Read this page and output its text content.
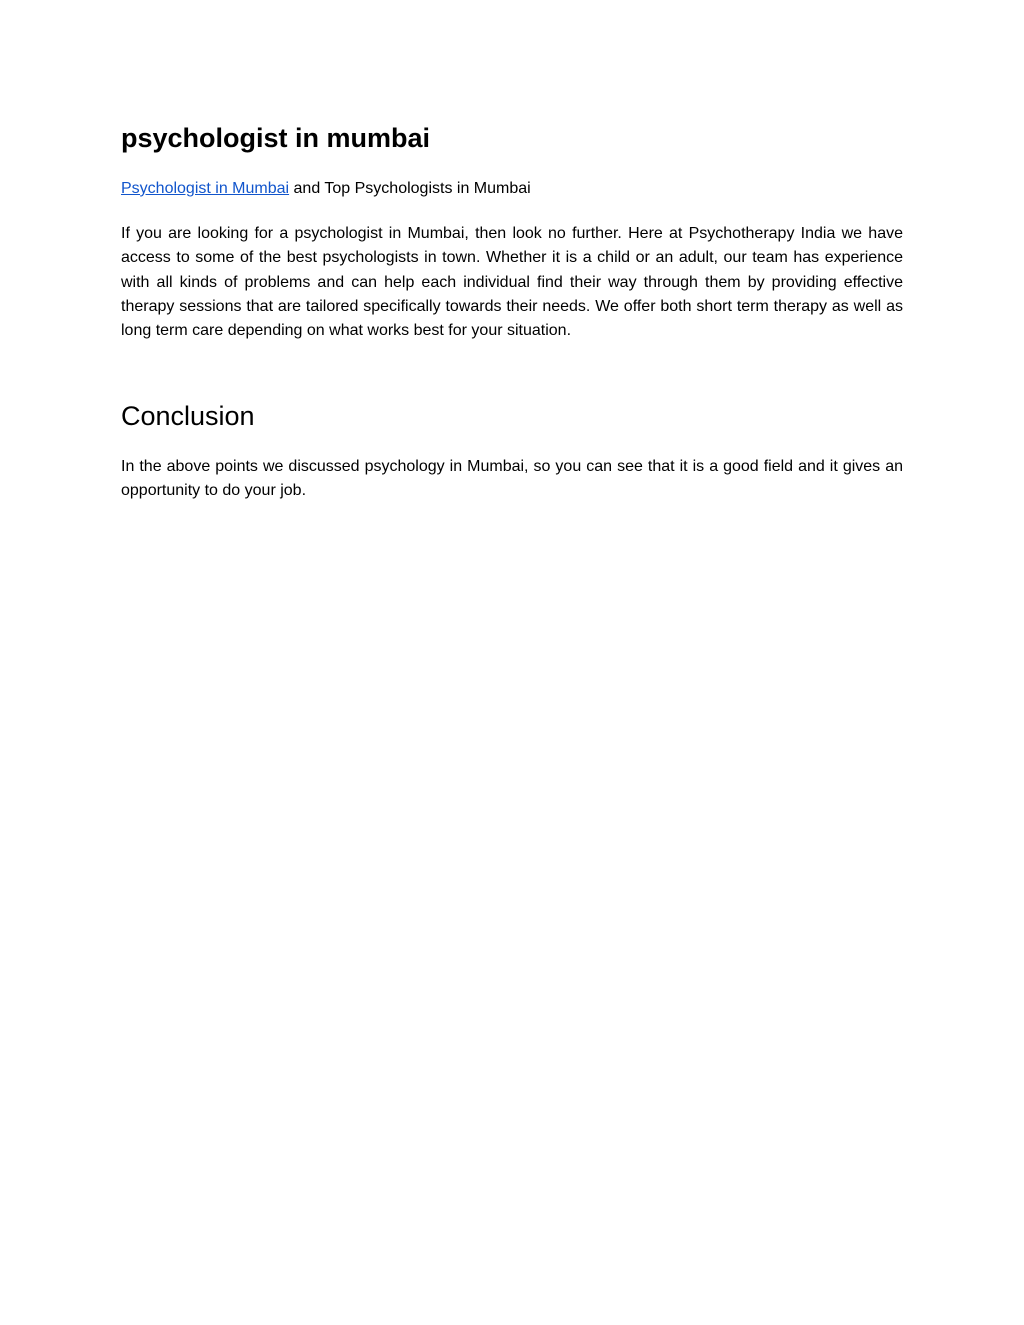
psychologist in mumbai

Psychologist in Mumbai and Top Psychologists in Mumbai

If you are looking for a psychologist in Mumbai, then look no further. Here at Psychotherapy India we have access to some of the best psychologists in town. Whether it is a child or an adult, our team has experience with all kinds of problems and can help each individual find their way through them by providing effective therapy sessions that are tailored specifically towards their needs. We offer both short term therapy as well as long term care depending on what works best for your situation.

Conclusion

In the above points we discussed psychology in Mumbai, so you can see that it is a good field and it gives an opportunity to do your job.
